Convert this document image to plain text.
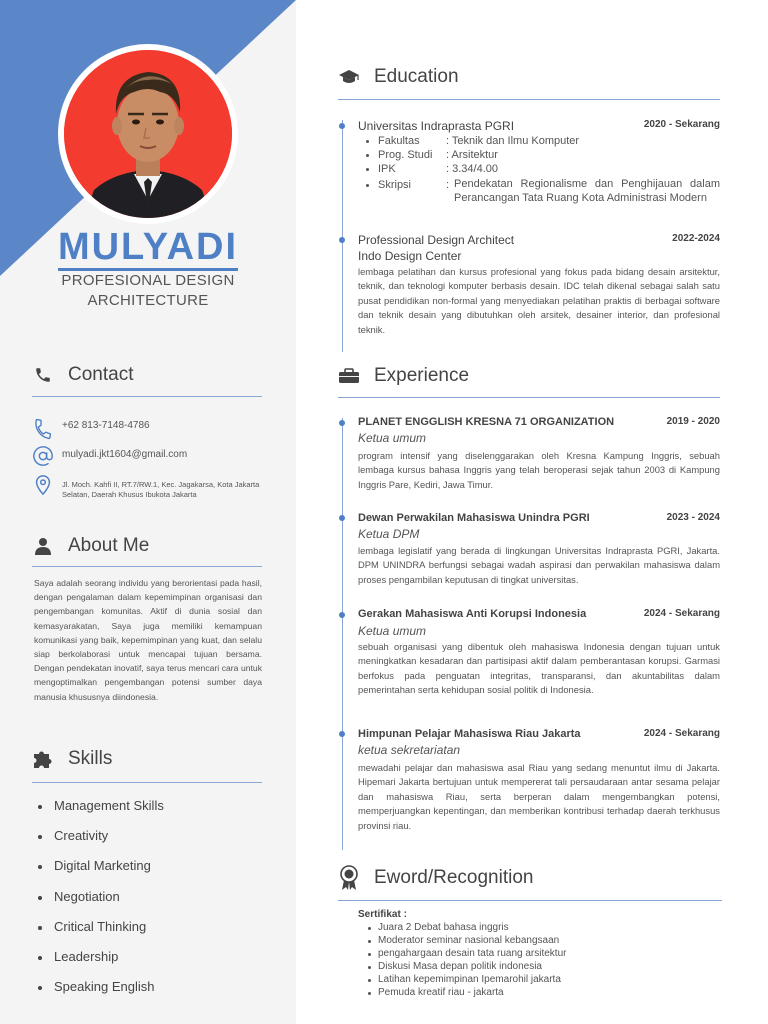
MULYADI
PROFESIONAL DESIGN
ARCHITECTURE
Contact
+62 813-7148-4786
mulyadi.jkt1604@gmail.com
Jl. Moch. Kahfi II, RT.7/RW.1, Kec. Jagakarsa, Kota Jakarta Selatan, Daerah Khusus Ibukota Jakarta
About Me
Saya adalah seorang individu yang berorientasi pada hasil, dengan pengalaman dalam kepemimpinan organisasi dan pengembangan komunitas. Aktif di dunia sosial dan kemasyarakatan, Saya juga memiliki kemampuan komunikasi yang baik, kepemimpinan yang kuat, dan selalu siap berkolaborasi untuk mencapai tujuan bersama. Dengan pendekatan inovatif, saya terus mencari cara untuk mengoptimalkan pengembangan potensi sumber daya manusia khususnya diindonesia.
Skills
Management Skills
Creativity
Digital Marketing
Negotiation
Critical Thinking
Leadership
Speaking English
Education
Universitas Indraprasta PGRI	2020 - Sekarang
Fakultas	: Teknik dan Ilmu Komputer
Prog. Studi	: Arsitektur
IPK	: 3.34/4.00
Skripsi	: Pendekatan Regionalisme dan Penghijauan dalam Perancangan Tata Ruang Kota Administrasi Modern
Professional Design Architect	2022-2024
Indo Design Center
lembaga pelatihan dan kursus profesional yang fokus pada bidang desain arsitektur, teknik, dan teknologi komputer berbasis desain. IDC telah dikenal sebagai salah satu pusat pendidikan non-formal yang menyediakan pelatihan praktis di berbagai software dan teknik desain yang dibutuhkan oleh arsitek, desainer interior, dan profesional teknik.
Experience
PLANET ENGGLISH KRESNA 71 ORGANIZATION	2019 - 2020
Ketua umum
program intensif yang diselenggarakan oleh Kresna Kampung Inggris, sebuah lembaga kursus bahasa Inggris yang telah beroperasi sejak tahun 2003 di Kampung Inggris Pare, Kediri, Jawa Timur.
Dewan Perwakilan Mahasiswa Unindra PGRI	2023 - 2024
Ketua DPM
lembaga legislatif yang berada di lingkungan Universitas Indraprasta PGRI, Jakarta. DPM UNINDRA berfungsi sebagai wadah aspirasi dan perwakilan mahasiswa dalam proses pengambilan keputusan di tingkat universitas.
Gerakan Mahasiswa Anti Korupsi Indonesia	2024 - Sekarang
Ketua umum
sebuah organisasi yang dibentuk oleh mahasiswa Indonesia dengan tujuan untuk meningkatkan kesadaran dan partisipasi aktif dalam pemberantasan korupsi. Garmasi berfokus pada penguatan integritas, transparansi, dan akuntabilitas dalam pemerintahan serta kehidupan sosial politik di Indonesia.
Himpunan Pelajar Mahasiswa Riau Jakarta	2024 - Sekarang
ketua sekretariatan
mewadahi pelajar dan mahasiswa asal Riau yang sedang menuntut ilmu di Jakarta. Hipemari Jakarta bertujuan untuk mempererat tali persaudaraan antar sesama pelajar dan mahasiswa Riau, serta berperan dalam mengembangkan potensi, memperjuangkan kepentingan, dan memberikan kontribusi terhadap daerah terkhusus provinsi riau.
Eword/Recognition
Sertifikat :
Juara 2 Debat bahasa inggris
Moderator seminar nasional kebangsaan
pengahargaan desain tata ruang arsitektur
Diskusi Masa depan politik indonesia
Latihan kepemimpinan Ipemarohil jakarta
Pemuda kreatif riau - jakarta
